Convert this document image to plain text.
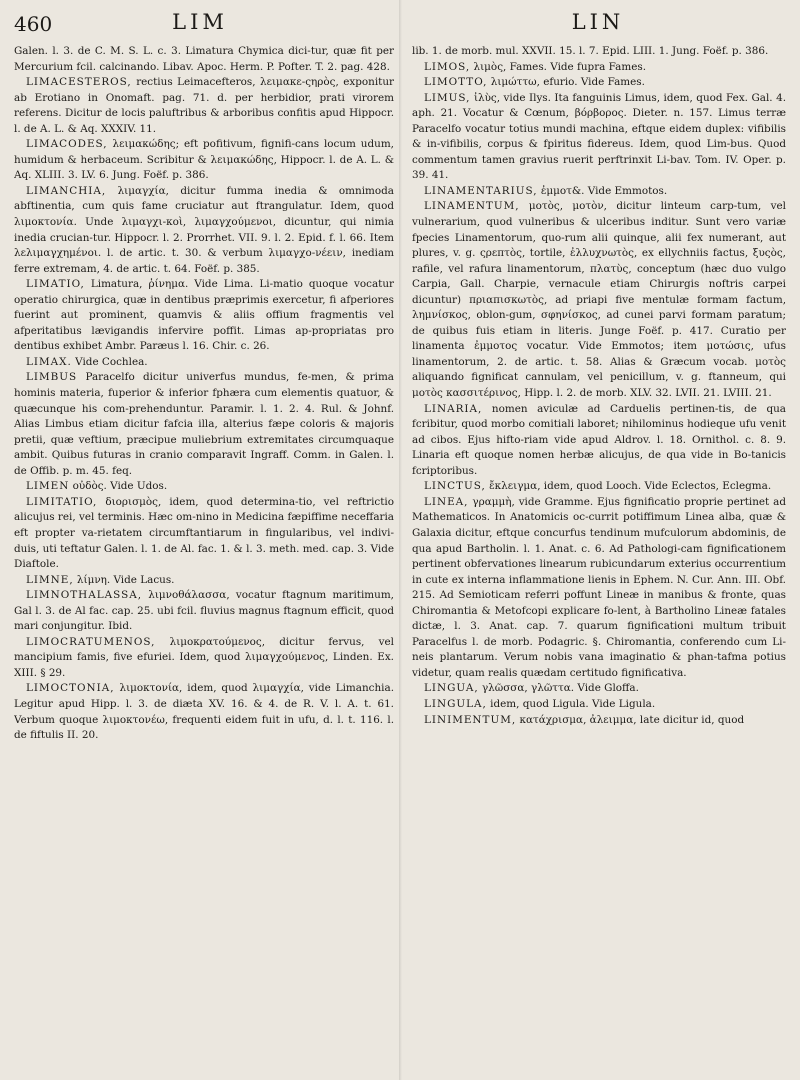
460	LIM	LIN

Galen. l. 3. de C. M. S. L. c. 3. Limatura Chymica dici-tur, quæ fit per Mercurium fcil. calcinando. Libav. Apoc. Herm. P. Pofter. T. 2. pag. 428.

LIMACESTEROS, rectius Leimacefteros, λειμακε-ςηρὸς, exponitur ab Erotiano in Onomaft. pag. 71. d. per herbidior, prati virorem referens. Dicitur de locis paluftribus & arboribus confitis apud Hippocr. l. de A. L. & Aq. XXXIV. 11.

LIMACODES, λειμακώδης; eft pofitivum, fignifi-cans locum udum, humidum & herbaceum. Scribitur & λειμακώδης, Hippocr. l. de A. L. & Aq. XLIII. 3. LV. 6. Jung. Foëf. p. 386.

LIMANCHIA, λιμαγχία, dicitur fumma inedia & omnimoda abftinentia, cum quis fame cruciatur aut ftrangulatur. Idem, quod λιμοκτονία. Unde λιμαγχι-κοὶ, λιμαγχούμενοι, dicuntur, qui nimia inedia crucian-tur. Hippocr. l. 2. Prorrhet. VII. 9. l. 2. Epid. f. l. 66. Item λελιμαγχημένοι. l. de artic. t. 30. & verbum λιμαγχο-νέειν, inediam ferre extremam, 4. de artic. t. 64. Foëf. p. 385.

LIMATIO, Limatura, ῥίνημα. Vide Lima. Li-matio quoque vocatur operatio chirurgica, quæ in dentibus præprimis exercetur, fi afperiores fuerint aut prominent, quamvis & aliis offium fragmentis vel afperitatibus lævigandis infervire poffit. Limas ap-propriatas pro dentibus exhibet Ambr. Paræus l. 16. Chir. c. 26.

LIMAX. Vide Cochlea.

LIMBUS Paracelfo dicitur univerfus mundus, fe-men, & prima hominis materia, fuperior & inferior fphæra cum elementis quatuor, & quæcunque his com-prehenduntur. Paramir. l. 1. 2. 4. Rul. & Johnf. Alias Limbus etiam dicitur fafcia illa, alterius fæpe coloris & majoris pretii, quæ veftium, præcipue muliebrium extremitates circumquaque ambit. Quibus futuras in cranio comparavit Ingraff. Comm. in Galen. l. de Offib. p. m. 45. feq.

LIMEN οὐδὸς. Vide Udos.

LIMITATIO, διορισμὸς, idem, quod determina-tio, vel reftrictio alicujus rei, vel terminis. Hæc om-nino in Medicina fæpiffime neceffaria eft propter va-rietatem circumftantiarum in fingularibus, vel indivi-duis, uti teftatur Galen. l. 1. de Al. fac. 1. & l. 3. meth. med. cap. 3. Vide Diaftole.

LIMNE, λίμνη. Vide Lacus.

LIMNOTHALASSA, λιμνοθάλασσα, vocatur ftagnum maritimum, Gal l. 3. de Al fac. cap. 25. ubi fcil. fluvius magnus ftagnum efficit, quod mari conjungitur. Ibid.

LIMOCRATUMENOS, λιμοκρατούμενος, dicitur fervus, vel mancipium famis, five efuriei. Idem, quod λιμαγχούμενος, Linden. Ex. XIII. § 29.

LIMOCTONIA, λιμοκτονία, idem, quod λιμαγχία, vide Limanchia. Legitur apud Hipp. l. 3. de diæta XV. 16. & 4. de R. V. l. A. t. 61. Verbum quoque λιμοκτονέω, frequenti eidem fuit in ufu, d. l. t. 116. l. de fiftulis II. 20.

lib. 1. de morb. mul. XXVII. 15. l. 7. Epid. LIII. 1. Jung. Foëf. p. 386.

LIMOS, λιμὸς, Fames. Vide fupra Fames.

LIMOTTO, λιμώττω, efurio. Vide Fames.

LIMUS, ἰλὺς, vide Ilys. Ita fanguinis Limus, idem, quod Fex. Gal. 4. aph. 21. Vocatur & Cœnum, βόρβορος. Dieter. n. 157. Limus terræ Paracelfo vocatur totius mundi machina, eftque eidem duplex: vifibilis & in-vifibilis, corpus & fpiritus fidereus. Idem, quod Lim-bus. Quod commentum tamen gravius ruerit perftrinxit Li-bav. Tom. IV. Oper. p. 39. 41.

LINAMENTARIUS, ἐμμοτ&. Vide Emmotos.

LINAMENTUM, μοτὸς, μοτὸν, dicitur linteum carp-tum, vel vulnerarium, quod vulneribus & ulceribus inditur. Sunt vero variæ fpecies Linamentorum, quo-rum alii quinque, alii fex numerant, aut plures, v. g. ςρεπτὸς, tortile, ἐλλυχνωτὸς, ex ellychniis factus, ξυςὸς, rafile, vel rafura linamentorum, πλατὺς, conceptum (hæc duo vulgo Carpia, Gall. Charpie, vernacule etiam Chirurgis noftris carpei dicuntur) πριαπισκωτὸς, ad priapi five mentulæ formam factum, λημνίσκος, oblon-gum, σφηνίσκος, ad cunei parvi formam paratum; de quibus fuis etiam in literis. Junge Foëf. p. 417. Curatio per linamenta ἐμμοτος vocatur. Vide Emmotos; item μοτώσις, ufus linamentorum, 2. de artic. t. 58. Alias & Græcum vocab. μοτὸς aliquando fignificat cannulam, vel penicillum, v. g. ftanneum, qui μοτὸς κασσιτέρινος, Hipp. l. 2. de morb. XLV. 32. LVII. 21. LVIII. 21.

LINARIA, nomen aviculæ ad Carduelis pertinen-tis, de qua fcribitur, quod morbo comitiali laboret; nihilominus hodieque ufu venit ad cibos. Ejus hifto-riam vide apud Aldrov. l. 18. Ornithol. c. 8. 9. Linaria eft quoque nomen herbæ alicujus, de qua vide in Bo-tanicis fcriptoribus.

LINCTUS, ἔκλειγμα, idem, quod Looch. Vide Eclectos, Eclegma.

LINEA, γραμμὴ, vide Gramme. Ejus fignificatio proprie pertinet ad Mathematicos. In Anatomicis oc-currit potiffimum Linea alba, quæ & Galaxia dicitur, eftque concurfus tendinum mufculorum abdominis, de qua apud Bartholin. l. 1. Anat. c. 6. Ad Pathologi-cam fignificationem pertinent obfervationes linearum rubicundarum exterius occurrentium in cute ex interna inflammatione lienis in Ephem. N. Cur. Ann. III. Obf. 215. Ad Semioticam referri poffunt Lineæ in manibus & fronte, quas Chiromantia & Metofcopi explicare fo-lent, à Bartholino Lineæ fatales dictæ, l. 3. Anat. cap. 7. quarum fignificationi multum tribuit Paracelfus l. de morb. Podagric. §. Chiromantia, conferendo cum Li-neis plantarum. Verum nobis vana imaginatio & phan-tafma potius videtur, quam realis quædam certitudo fignificativa.

LINGUA, γλῶσσα, γλῶττα. Vide Gloffa.

LINGULA, idem, quod Ligula. Vide Ligula.

LINIMENTUM, κατάχρισμα, ἀλειμμα, late dicitur id, quod
